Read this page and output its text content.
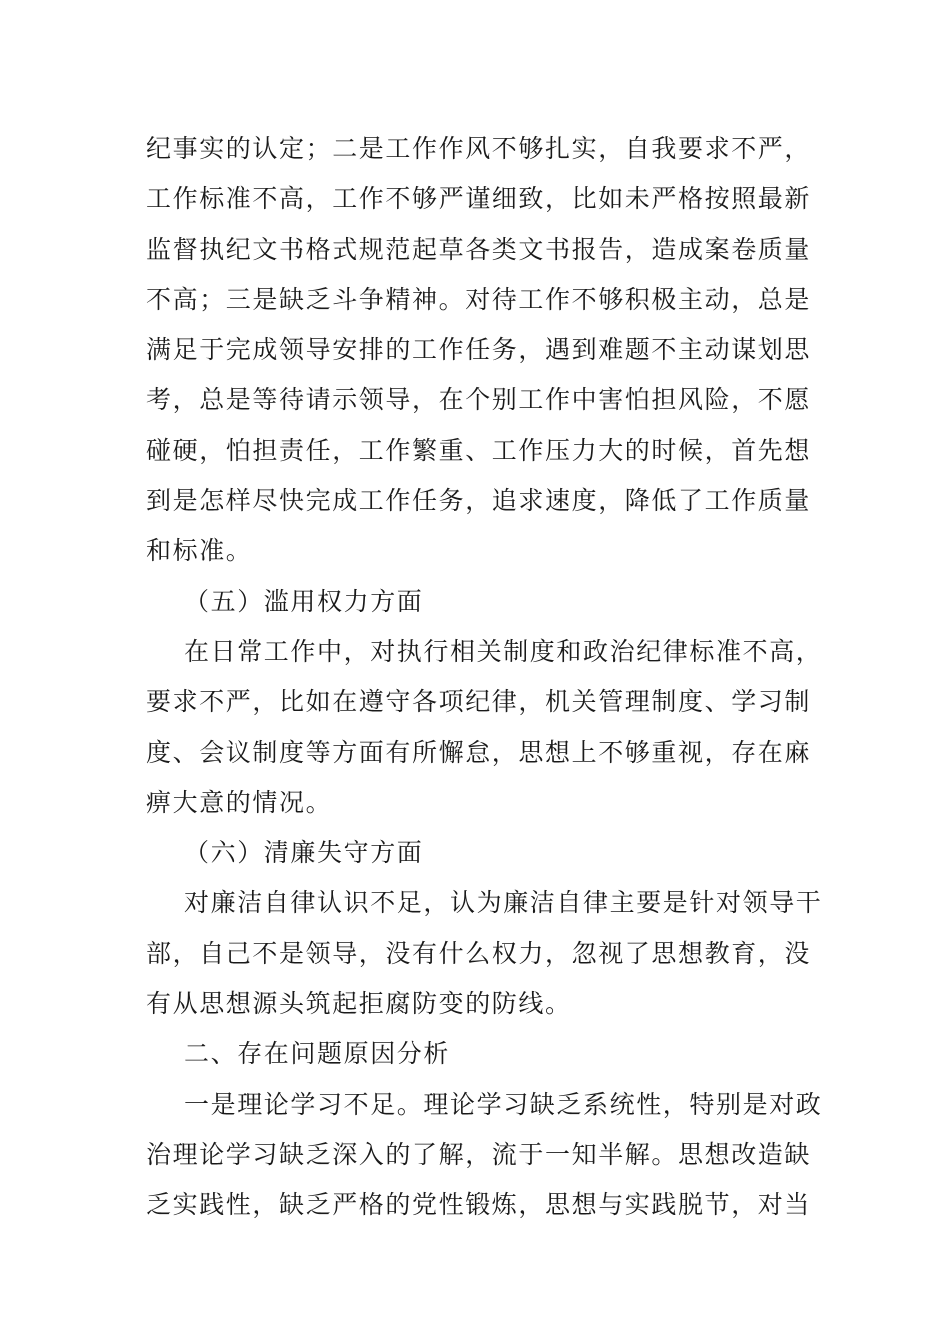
纪事实的认定；二是工作作风不够扎实，自我要求不严，
工作标准不高，工作不够严谨细致，比如未严格按照最新
监督执纪文书格式规范起草各类文书报告，造成案卷质量
不高；三是缺乏斗争精神。对待工作不够积极主动，总是
满足于完成领导安排的工作任务，遇到难题不主动谋划思
考，总是等待请示领导，在个别工作中害怕担风险，不愿
碰硬，怕担责任，工作繁重、工作压力大的时候，首先想
到是怎样尽快完成工作任务，追求速度，降低了工作质量
和标准。
（五）滥用权力方面
在日常工作中，对执行相关制度和政治纪律标准不高，
要求不严，比如在遵守各项纪律，机关管理制度、学习制
度、会议制度等方面有所懈怠，思想上不够重视，存在麻
痹大意的情况。
（六）清廉失守方面
对廉洁自律认识不足，认为廉洁自律主要是针对领导干
部，自己不是领导，没有什么权力，忽视了思想教育，没
有从思想源头筑起拒腐防变的防线。
二、存在问题原因分析
一是理论学习不足。理论学习缺乏系统性，特别是对政
治理论学习缺乏深入的了解，流于一知半解。思想改造缺
乏实践性，缺乏严格的党性锻炼，思想与实践脱节，对当
